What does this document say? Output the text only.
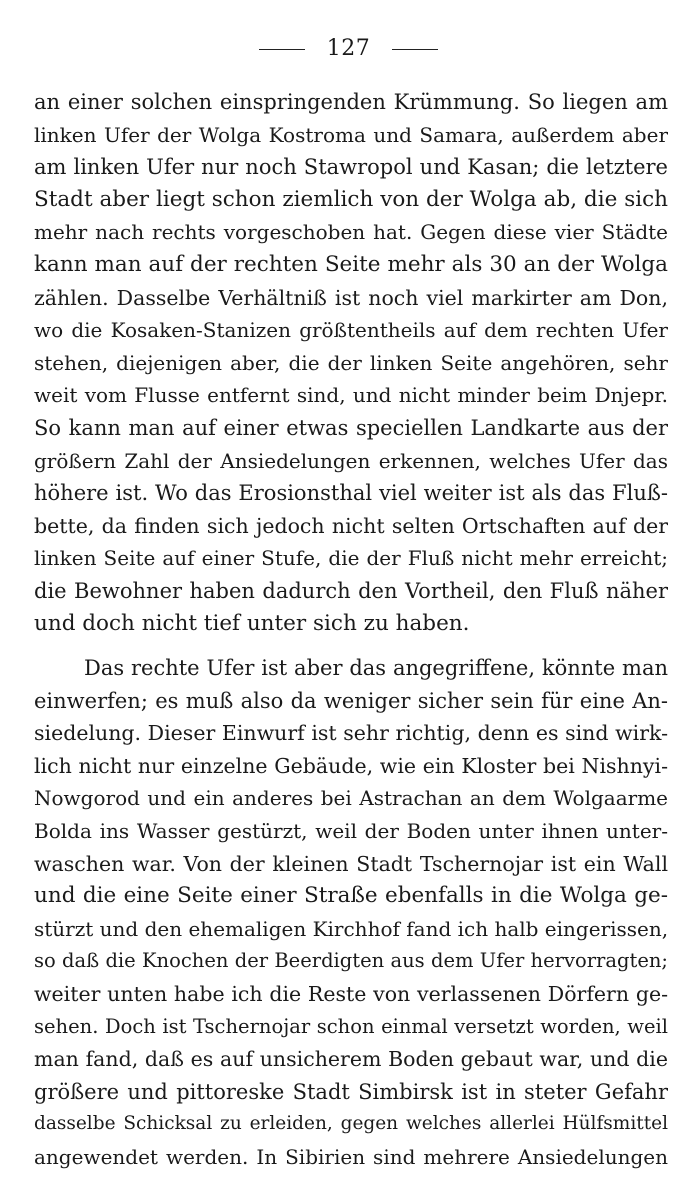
127
an einer solchen einspringenden Krümmung. So liegen am
linken Ufer der Wolga Kostroma und Samara, außerdem aber
am linken Ufer nur noch Stawropol und Kasan; die letztere
Stadt aber liegt schon ziemlich von der Wolga ab, die sich
mehr nach rechts vorgeschoben hat. Gegen diese vier Städte
kann man auf der rechten Seite mehr als 30 an der Wolga
zählen. Dasselbe Verhältniß ist noch viel markirter am Don,
wo die Kosaken-Stanizen größtentheils auf dem rechten Ufer
stehen, diejenigen aber, die der linken Seite angehören, sehr
weit vom Flusse entfernt sind, und nicht minder beim Dnjepr.
So kann man auf einer etwas speciellen Landkarte aus der
größern Zahl der Ansiedelungen erkennen, welches Ufer das
höhere ist. Wo das Erosionsthal viel weiter ist als das Fluß-
bette, da finden sich jedoch nicht selten Ortschaften auf der
linken Seite auf einer Stufe, die der Fluß nicht mehr erreicht;
die Bewohner haben dadurch den Vortheil, den Fluß näher
und doch nicht tief unter sich zu haben.
Das rechte Ufer ist aber das angegriffene, könnte man
einwerfen; es muß also da weniger sicher sein für eine An-
siedelung. Dieser Einwurf ist sehr richtig, denn es sind wirk-
lich nicht nur einzelne Gebäude, wie ein Kloster bei Nishnyi-
Nowgorod und ein anderes bei Astrachan an dem Wolgaarme
Bolda ins Wasser gestürzt, weil der Boden unter ihnen unter-
waschen war. Von der kleinen Stadt Tschernojar ist ein Wall
und die eine Seite einer Straße ebenfalls in die Wolga ge-
stürzt und den ehemaligen Kirchhof fand ich halb eingerissen,
so daß die Knochen der Beerdigten aus dem Ufer hervorragten;
weiter unten habe ich die Reste von verlassenen Dörfern ge-
sehen. Doch ist Tschernojar schon einmal versetzt worden, weil
man fand, daß es auf unsicherem Boden gebaut war, und die
größere und pittoreske Stadt Simbirsk ist in steter Gefahr
dasselbe Schicksal zu erleiden, gegen welches allerlei Hülfsmittel
angewendet werden. In Sibirien sind mehrere Ansiedelungen
